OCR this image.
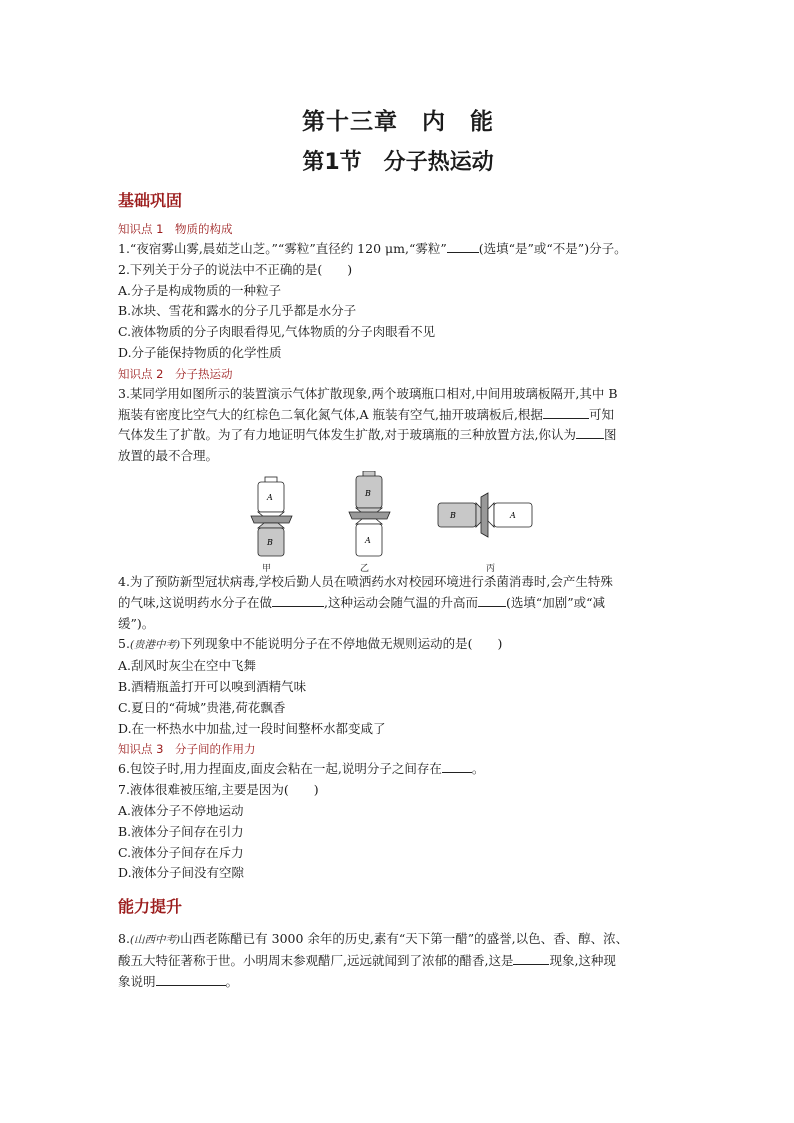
第十三章　内　能
第1节　分子热运动
基础巩固
知识点 1　物质的构成
1.“夜宿雾山雾,晨茹芝山芝。”“雾粒”直径约 120 μm,“雾粒”	(选填“是”或“不是”)分子。
2.下列关于分子的说法中不正确的是(　　)
A.分子是构成物质的一种粒子
B.冰块、雪花和露水的分子几乎都是水分子
C.液体物质的分子肉眼看得见,气体物质的分子肉眼看不见
D.分子能保持物质的化学性质
知识点 2　分子热运动
3.某同学用如图所示的装置演示气体扩散现象,两个玻璃瓶口相对,中间用玻璃板隔开,其中 B
瓶装有密度比空气大的红棕色二氧化氮气体,A 瓶装有空气,抽开玻璃板后,根据	可知
气体发生了扩散。为了有力地证明气体发生扩散,对于玻璃瓶的三种放置方法,你认为 图
放置的最不合理。
A
B
B
A
B	A
甲	乙	丙
4.为了预防新型冠状病毒,学校后勤人员在喷洒药水对校园环境进行杀菌消毒时,会产生特殊
的气味,这说明药水分子在做	,这种运动会随气温的升高而 (选填“加剧”或“减
缓”)。
5.(贵港中考)下列现象中不能说明分子在不停地做无规则运动的是(　　)
A.刮风时灰尘在空中飞舞
B.酒精瓶盖打开可以嗅到酒精气味
C.夏日的“荷城”贵港,荷花飘香
D.在一杯热水中加盐,过一段时间整杯水都变咸了
知识点 3　分子间的作用力
6.包饺子时,用力捏面皮,面皮会粘在一起,说明分子之间存在 。
7.液体很难被压缩,主要是因为(　　)
A.液体分子不停地运动
B.液体分子间存在引力
C.液体分子间存在斥力
D.液体分子间没有空隙
能力提升
8.(山西中考)山西老陈醋已有 3000 余年的历史,素有“天下第一醋”的盛誉,以色、香、醇、浓、
酸五大特征著称于世。小明周末参观醋厂,远远就闻到了浓郁的醋香,这是	现象,这种现
象说明	。
